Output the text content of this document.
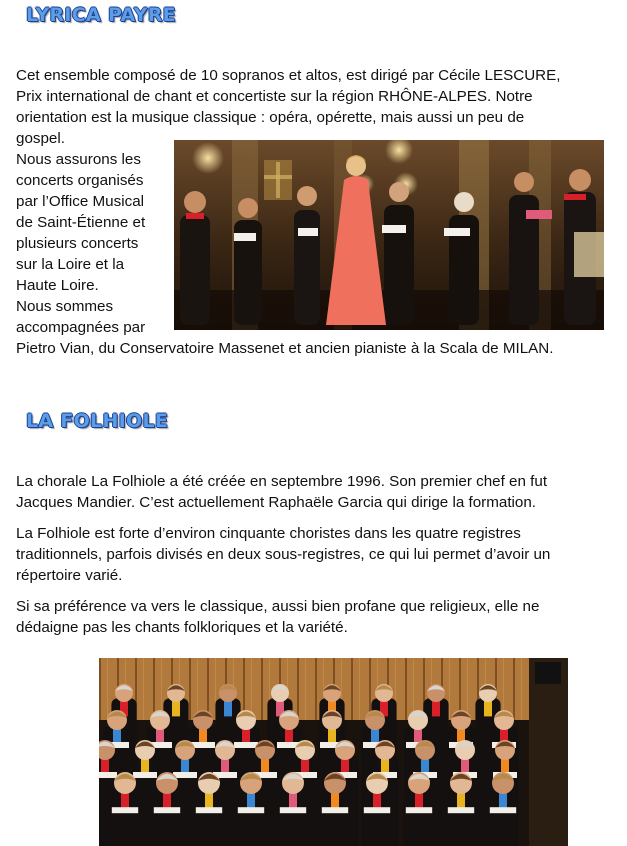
LYRICA PAYRE
Cet ensemble composé de 10 sopranos et altos, est dirigé par Cécile LESCURE,
Prix international de chant et concertiste sur la région RHÔNE-ALPES. Notre
orientation est la musique classique : opéra, opérette, mais aussi un peu de
gospel.
Nous assurons les
concerts organisés
par l’Office Musical
de Saint-Étienne et
plusieurs concerts
sur la Loire et la
Haute Loire.
Nous sommes
accompagnées par
Pietro Vian, du Conservatoire Massenet et ancien pianiste à la Scala de MILAN.
LA FOLHIOLE
La chorale La Folhiole a été créée en septembre 1996. Son premier chef en fut
Jacques Mandier. C’est actuellement Raphaële Garcia qui dirige la formation.
La Folhiole est forte d’environ cinquante choristes dans les quatre registres
traditionnels, parfois divisés en deux sous-registres, ce qui lui permet d’avoir un
répertoire varié.
Si sa préférence va vers le classique, aussi bien profane que religieux, elle ne
dédaigne pas les chants folkloriques et la variété.
